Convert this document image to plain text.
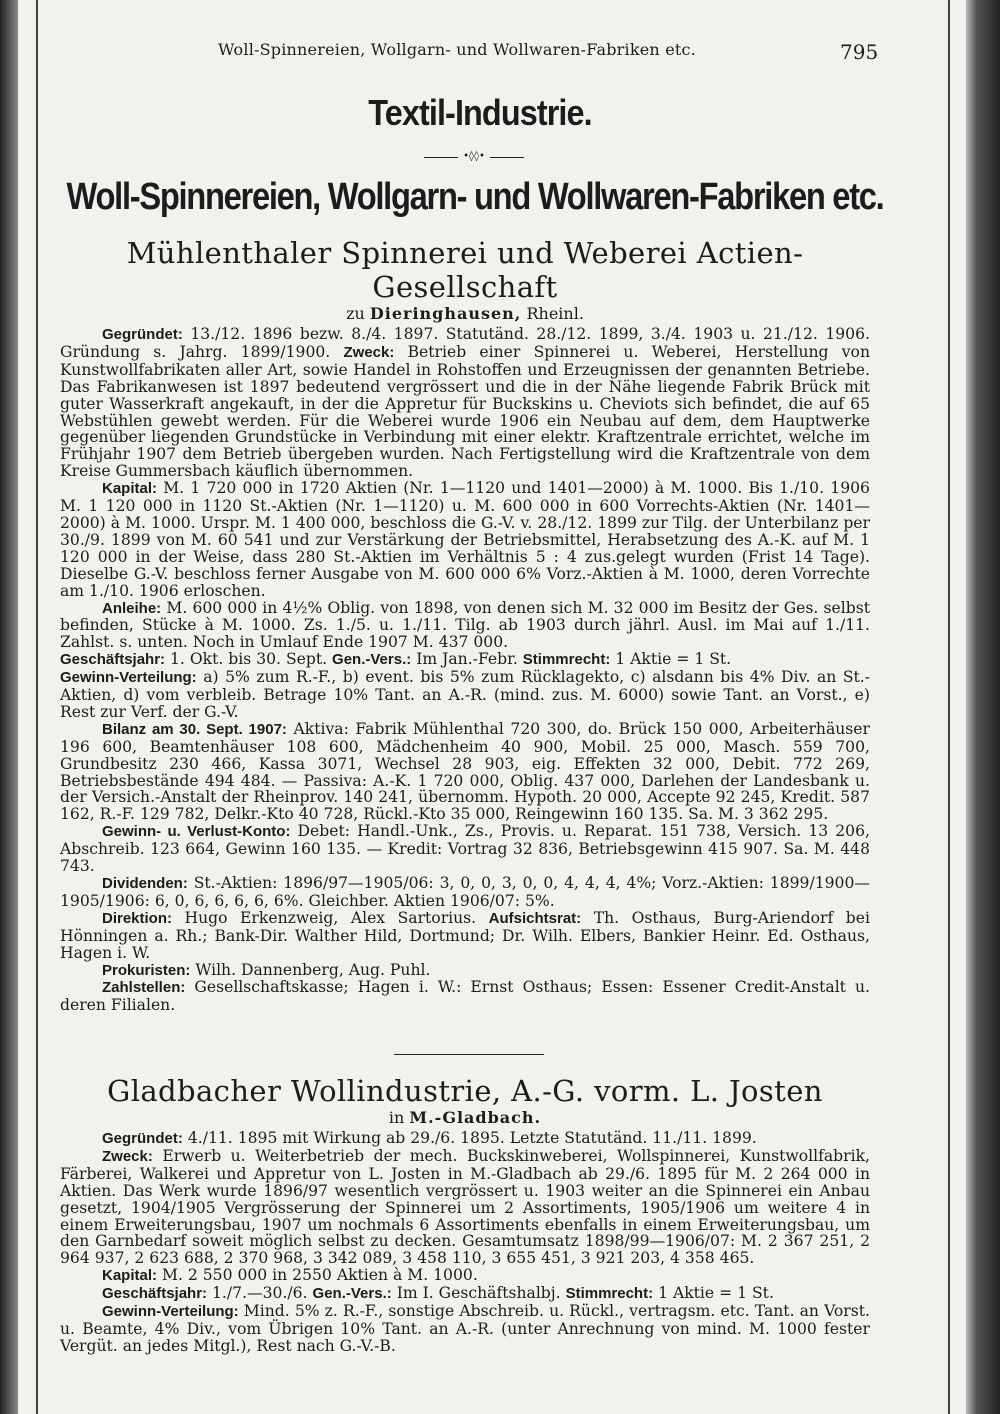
Woll-Spinnereien, Wollgarn- und Wollwaren-Fabriken etc.	795
Textil-Industrie.
•◊◊•
Woll-Spinnereien, Wollgarn- und Wollwaren-Fabriken etc.

Mühlenthaler Spinnerei und Weberei Actien-Gesellschaft

zu Dieringhausen, Rheinl.

Gegründet: 13./12. 1896 bezw. 8./4. 1897. Statutänd. 28./12. 1899, 3./4. 1903 u. 21./12. 1906. Gründung s. Jahrg. 1899/1900. Zweck: Betrieb einer Spinnerei u. Weberei, Herstellung von Kunstwollfabrikaten aller Art, sowie Handel in Rohstoffen und Erzeugnissen der genannten Betriebe. Das Fabrikanwesen ist 1897 bedeutend vergrössert und die in der Nähe liegende Fabrik Brück mit guter Wasserkraft angekauft, in der die Appretur für Buckskins u. Cheviots sich befindet, die auf 65 Webstühlen gewebt werden. Für die Weberei wurde 1906 ein Neubau auf dem, dem Hauptwerke gegenüber liegenden Grundstücke in Verbindung mit einer elektr. Kraftzentrale errichtet, welche im Frühjahr 1907 dem Betrieb übergeben wurden. Nach Fertigstellung wird die Kraftzentrale von dem Kreise Gummersbach käuflich übernommen.

Kapital: M. 1 720 000 in 1720 Aktien (Nr. 1—1120 und 1401—2000) à M. 1000. Bis 1./10. 1906 M. 1 120 000 in 1120 St.-Aktien (Nr. 1—1120) u. M. 600 000 in 600 Vorrechts-Aktien (Nr. 1401—2000) à M. 1000. Urspr. M. 1 400 000, beschloss die G.-V. v. 28./12. 1899 zur Tilg. der Unterbilanz per 30./9. 1899 von M. 60 541 und zur Verstärkung der Betriebsmittel, Herabsetzung des A.-K. auf M. 1 120 000 in der Weise, dass 280 St.-Aktien im Verhältnis 5 : 4 zus.gelegt wurden (Frist 14 Tage). Dieselbe G.-V. beschloss ferner Ausgabe von M. 600 000 6% Vorz.-Aktien à M. 1000, deren Vorrechte am 1./10. 1906 erloschen.

Anleihe: M. 600 000 in 4½% Oblig. von 1898, von denen sich M. 32 000 im Besitz der Ges. selbst befinden, Stücke à M. 1000. Zs. 1./5. u. 1./11. Tilg. ab 1903 durch jährl. Ausl. im Mai auf 1./11. Zahlst. s. unten. Noch in Umlauf Ende 1907 M. 437 000.

Geschäftsjahr: 1. Okt. bis 30. Sept. Gen.-Vers.: Im Jan.-Febr. Stimmrecht: 1 Aktie = 1 St.

Gewinn-Verteilung: a) 5% zum R.-F., b) event. bis 5% zum Rücklagekto, c) alsdann bis 4% Div. an St.-Aktien, d) vom verbleib. Betrage 10% Tant. an A.-R. (mind. zus. M. 6000) sowie Tant. an Vorst., e) Rest zur Verf. der G.-V.

Bilanz am 30. Sept. 1907: Aktiva: Fabrik Mühlenthal 720 300, do. Brück 150 000, Arbeiterhäuser 196 600, Beamtenhäuser 108 600, Mädchenheim 40 900, Mobil. 25 000, Masch. 559 700, Grundbesitz 230 466, Kassa 3071, Wechsel 28 903, eig. Effekten 32 000, Debit. 772 269, Betriebsbestände 494 484. — Passiva: A.-K. 1 720 000, Oblig. 437 000, Darlehen der Landesbank u. der Versich.-Anstalt der Rheinprov. 140 241, übernomm. Hypoth. 20 000, Accepte 92 245, Kredit. 587 162, R.-F. 129 782, Delkr.-Kto 40 728, Rückl.-Kto 35 000, Reingewinn 160 135. Sa. M. 3 362 295.

Gewinn- u. Verlust-Konto: Debet: Handl.-Unk., Zs., Provis. u. Reparat. 151 738, Versich. 13 206, Abschreib. 123 664, Gewinn 160 135. — Kredit: Vortrag 32 836, Betriebsgewinn 415 907. Sa. M. 448 743.

Dividenden: St.-Aktien: 1896/97—1905/06: 3, 0, 0, 3, 0, 0, 4, 4, 4, 4%; Vorz.-Aktien: 1899/1900—1905/1906: 6, 0, 6, 6, 6, 6, 6%. Gleichber. Aktien 1906/07: 5%.

Direktion: Hugo Erkenzweig, Alex Sartorius. Aufsichtsrat: Th. Osthaus, Burg-Ariendorf bei Hönningen a. Rh.; Bank-Dir. Walther Hild, Dortmund; Dr. Wilh. Elbers, Bankier Heinr. Ed. Osthaus, Hagen i. W.

Prokuristen: Wilh. Dannenberg, Aug. Puhl.

Zahlstellen: Gesellschaftskasse; Hagen i. W.: Ernst Osthaus; Essen: Essener Credit-Anstalt u. deren Filialen.

Gladbacher Wollindustrie, A.-G. vorm. L. Josten

in M.-Gladbach.

Gegründet: 4./11. 1895 mit Wirkung ab 29./6. 1895. Letzte Statutänd. 11./11. 1899.

Zweck: Erwerb u. Weiterbetrieb der mech. Buckskinweberei, Wollspinnerei, Kunstwollfabrik, Färberei, Walkerei und Appretur von L. Josten in M.-Gladbach ab 29./6. 1895 für M. 2 264 000 in Aktien. Das Werk wurde 1896/97 wesentlich vergrössert u. 1903 weiter an die Spinnerei ein Anbau gesetzt, 1904/1905 Vergrösserung der Spinnerei um 2 Assortiments, 1905/1906 um weitere 4 in einem Erweiterungsbau, 1907 um nochmals 6 Assortiments ebenfalls in einem Erweiterungsbau, um den Garnbedarf soweit möglich selbst zu decken. Gesamtumsatz 1898/99—1906/07: M. 2 367 251, 2 964 937, 2 623 688, 2 370 968, 3 342 089, 3 458 110, 3 655 451, 3 921 203, 4 358 465.

Kapital: M. 2 550 000 in 2550 Aktien à M. 1000.

Geschäftsjahr: 1./7.—30./6. Gen.-Vers.: Im I. Geschäftshalbj. Stimmrecht: 1 Aktie = 1 St.

Gewinn-Verteilung: Mind. 5% z. R.-F., sonstige Abschreib. u. Rückl., vertragsm. etc. Tant. an Vorst. u. Beamte, 4% Div., vom Übrigen 10% Tant. an A.-R. (unter Anrechnung von mind. M. 1000 fester Vergüt. an jedes Mitgl.), Rest nach G.-V.-B.
